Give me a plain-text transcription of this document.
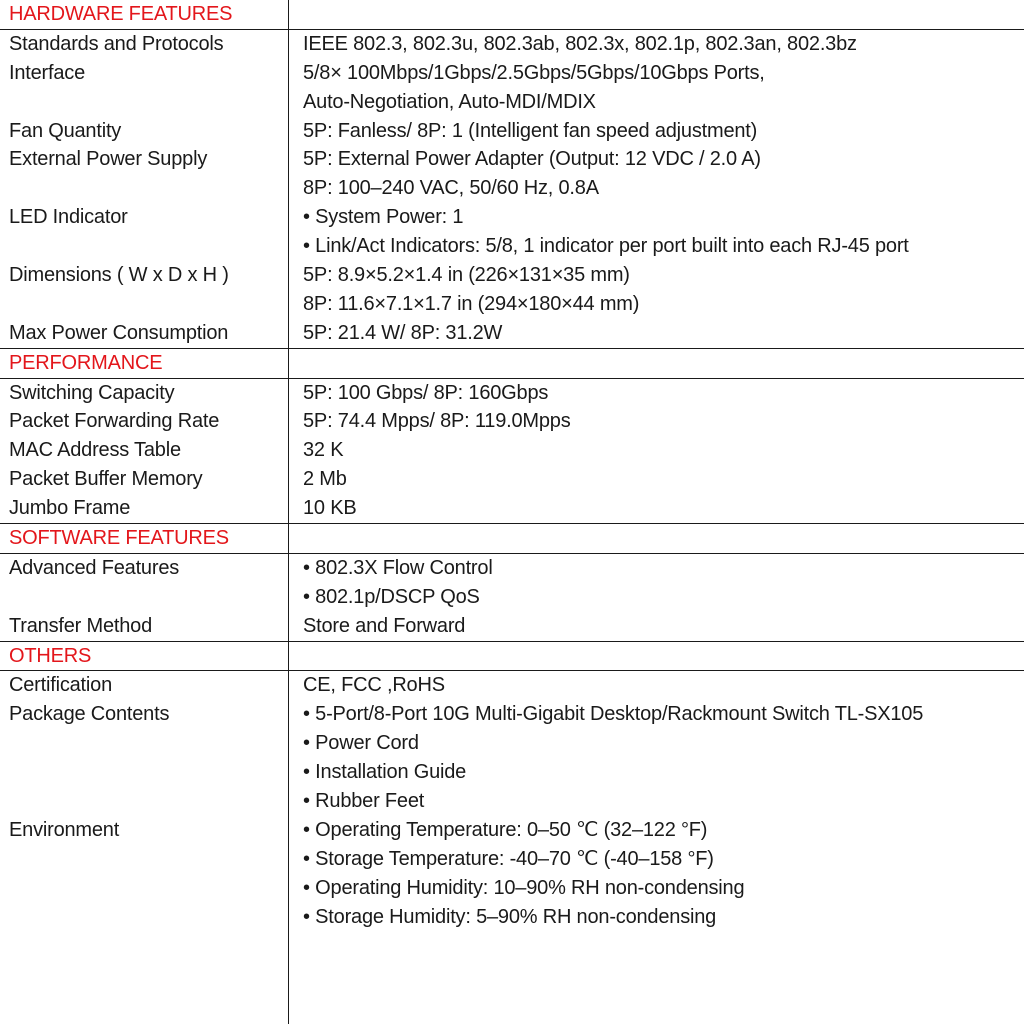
HARDWARE FEATURES
Standards and Protocols	IEEE 802.3, 802.3u, 802.3ab, 802.3x, 802.1p, 802.3an, 802.3bz
Interface	5/8× 100Mbps/1Gbps/2.5Gbps/5Gbps/10Gbps Ports,
Auto-Negotiation, Auto-MDI/MDIX
Fan Quantity	5P: Fanless/ 8P: 1 (Intelligent fan speed adjustment)
External Power Supply	5P: External Power Adapter (Output: 12 VDC / 2.0 A)
8P: 100–240 VAC, 50/60 Hz, 0.8A
LED Indicator	• System Power: 1
• Link/Act Indicators: 5/8, 1 indicator per port built into each RJ-45 port
Dimensions ( W x D x H )	5P: 8.9×5.2×1.4 in (226×131×35 mm)
8P: 11.6×7.1×1.7 in (294×180×44 mm)
Max Power Consumption	5P: 21.4 W/ 8P: 31.2W
PERFORMANCE
Switching Capacity	5P: 100 Gbps/ 8P: 160Gbps
Packet Forwarding Rate	5P: 74.4 Mpps/ 8P: 119.0Mpps
MAC Address Table	32 K
Packet Buffer Memory	2 Mb
Jumbo Frame	10 KB
SOFTWARE FEATURES
Advanced Features	• 802.3X Flow Control
• 802.1p/DSCP QoS
Transfer Method	Store and Forward
OTHERS
Certification	CE, FCC ,RoHS
Package Contents	• 5-Port/8-Port 10G Multi-Gigabit Desktop/Rackmount Switch TL-SX105
• Power Cord
• Installation Guide
• Rubber Feet
Environment	• Operating Temperature: 0–50 ℃ (32–122 °F)
• Storage Temperature: -40–70 ℃ (-40–158 °F)
• Operating Humidity: 10–90% RH non-condensing
• Storage Humidity: 5–90% RH non-condensing
